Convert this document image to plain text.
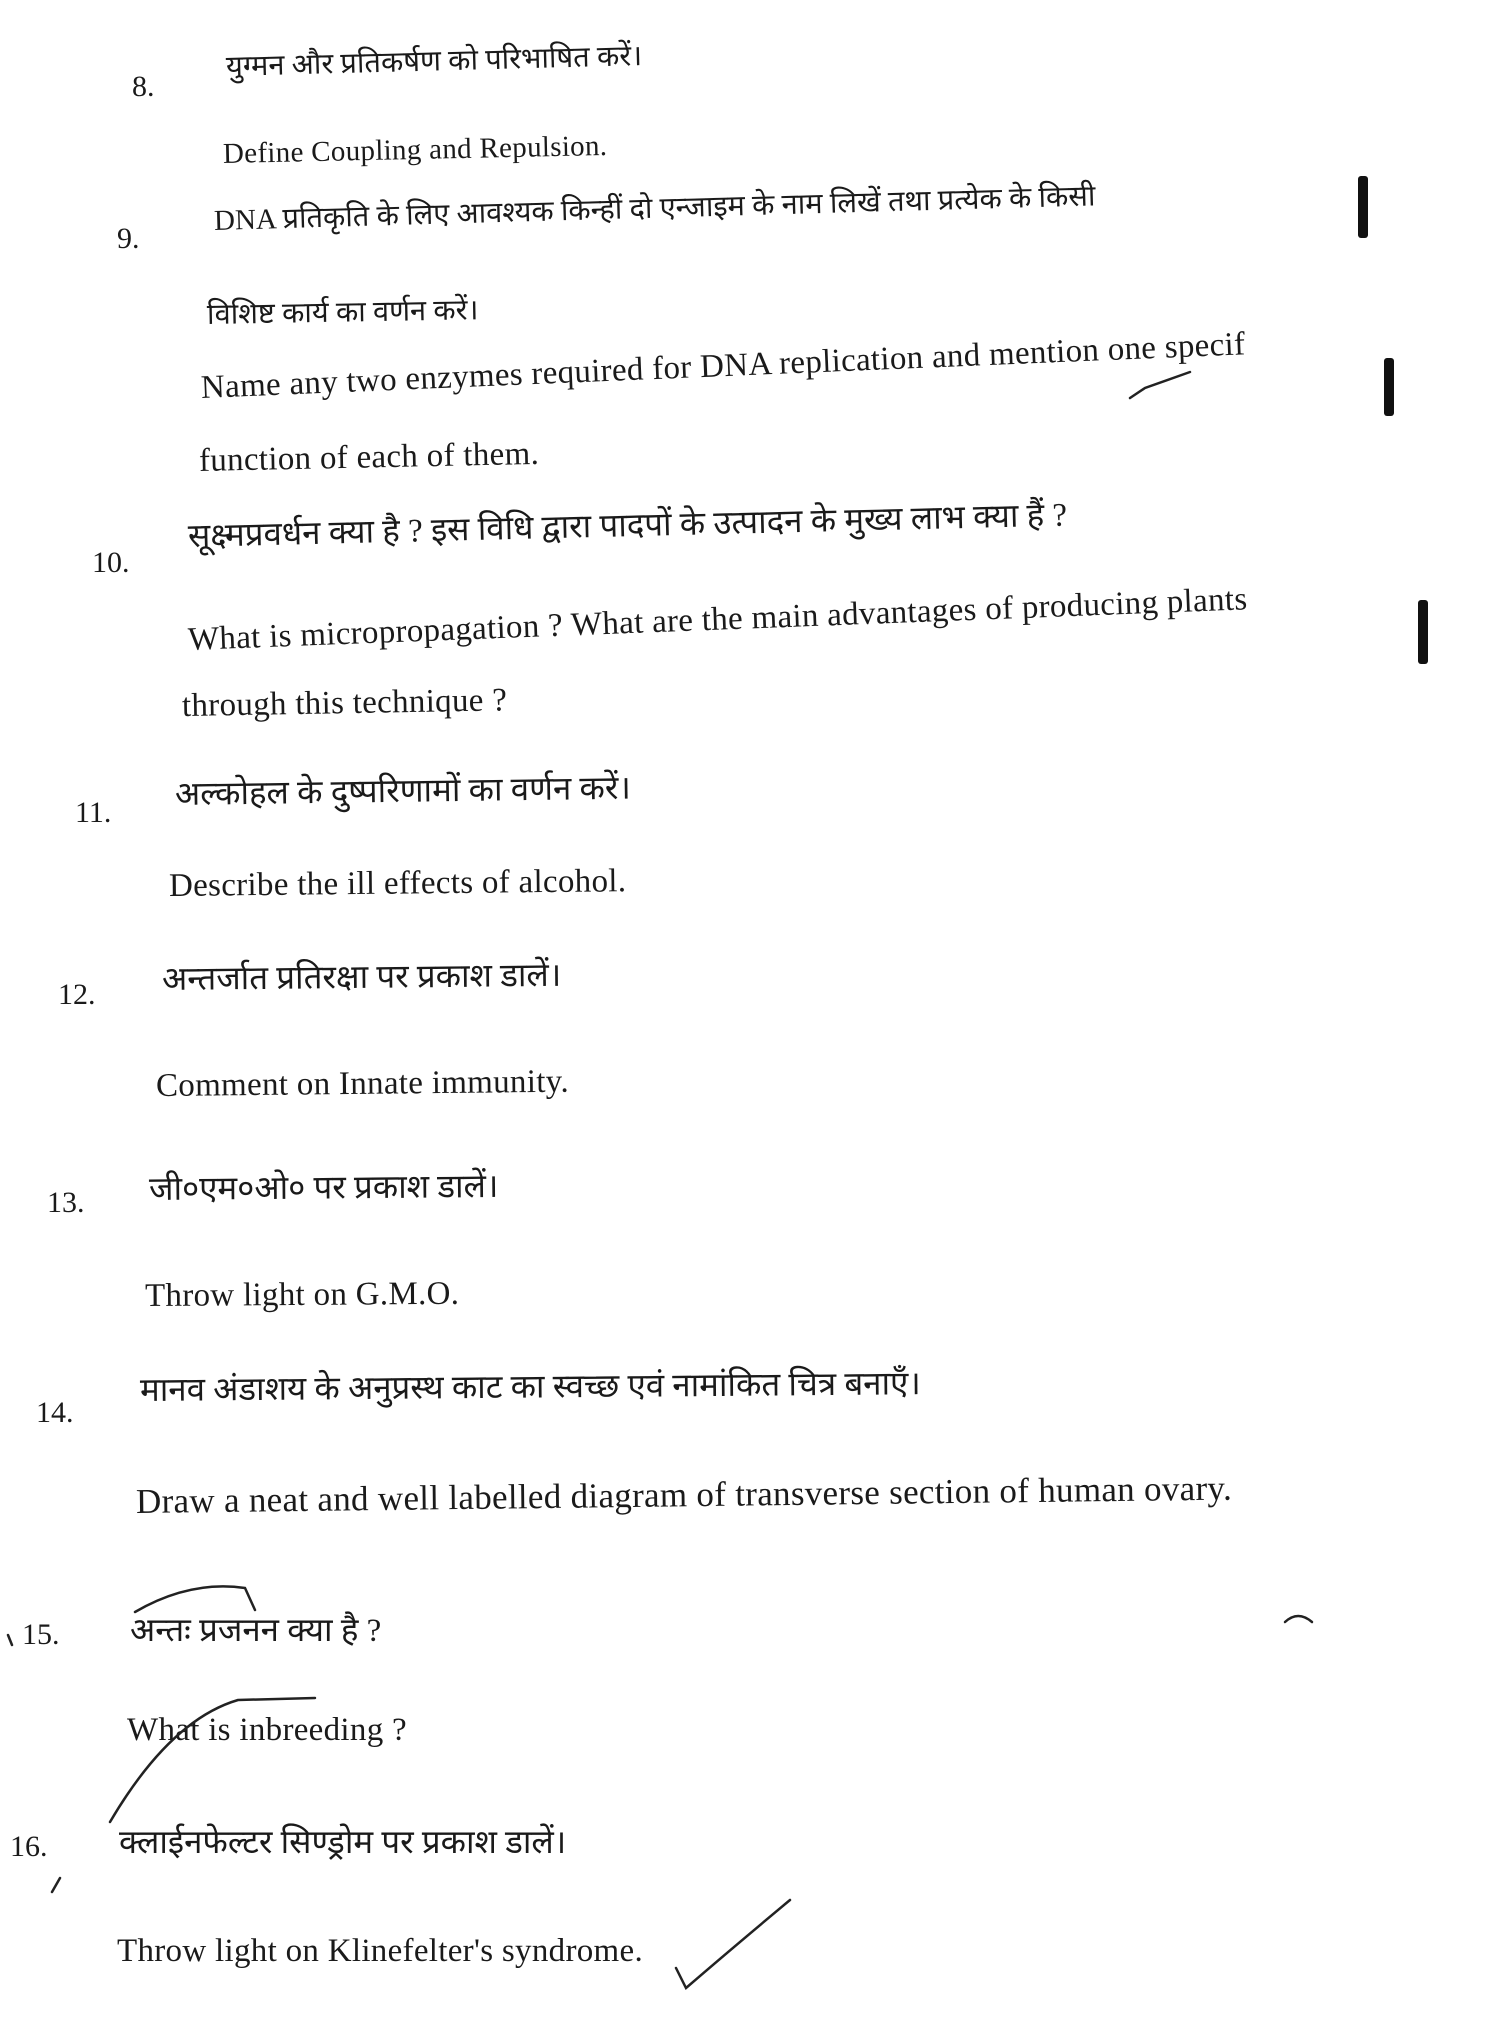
8.
युग्मन और प्रतिकर्षण को परिभाषित करें।
Define Coupling and Repulsion.
9.
DNA प्रतिकृति के लिए आवश्यक किन्हीं दो एन्जाइम के नाम लिखें तथा प्रत्येक के किसी
विशिष्ट कार्य का वर्णन करें।
Name any two enzymes required for DNA replication and mention one specif
function of each of them.
10.
सूक्ष्मप्रवर्धन क्या है ? इस विधि द्वारा पादपों के उत्पादन के मुख्य लाभ क्या हैं ?
What is micropropagation ? What are the main advantages of producing plants
through this technique ?
11. अल्कोहल के दुष्परिणामों का वर्णन करें।
Describe the ill effects of alcohol.
12. अन्तर्जात प्रतिरक्षा पर प्रकाश डालें।
Comment on Innate immunity.
13. जी०एम०ओ० पर प्रकाश डालें।
Throw light on G.M.O.
14.
मानव अंडाशय के अनुप्रस्थ काट का स्वच्छ एवं नामांकित चित्र बनाएँ।
Draw a neat and well labelled diagram of transverse section of human ovary.
15. अन्तः प्रजनन क्या है ?
What is inbreeding ?
16. क्लाईनफेल्टर सिण्ड्रोम पर प्रकाश डालें।
Throw light on Klinefelter's syndrome.
